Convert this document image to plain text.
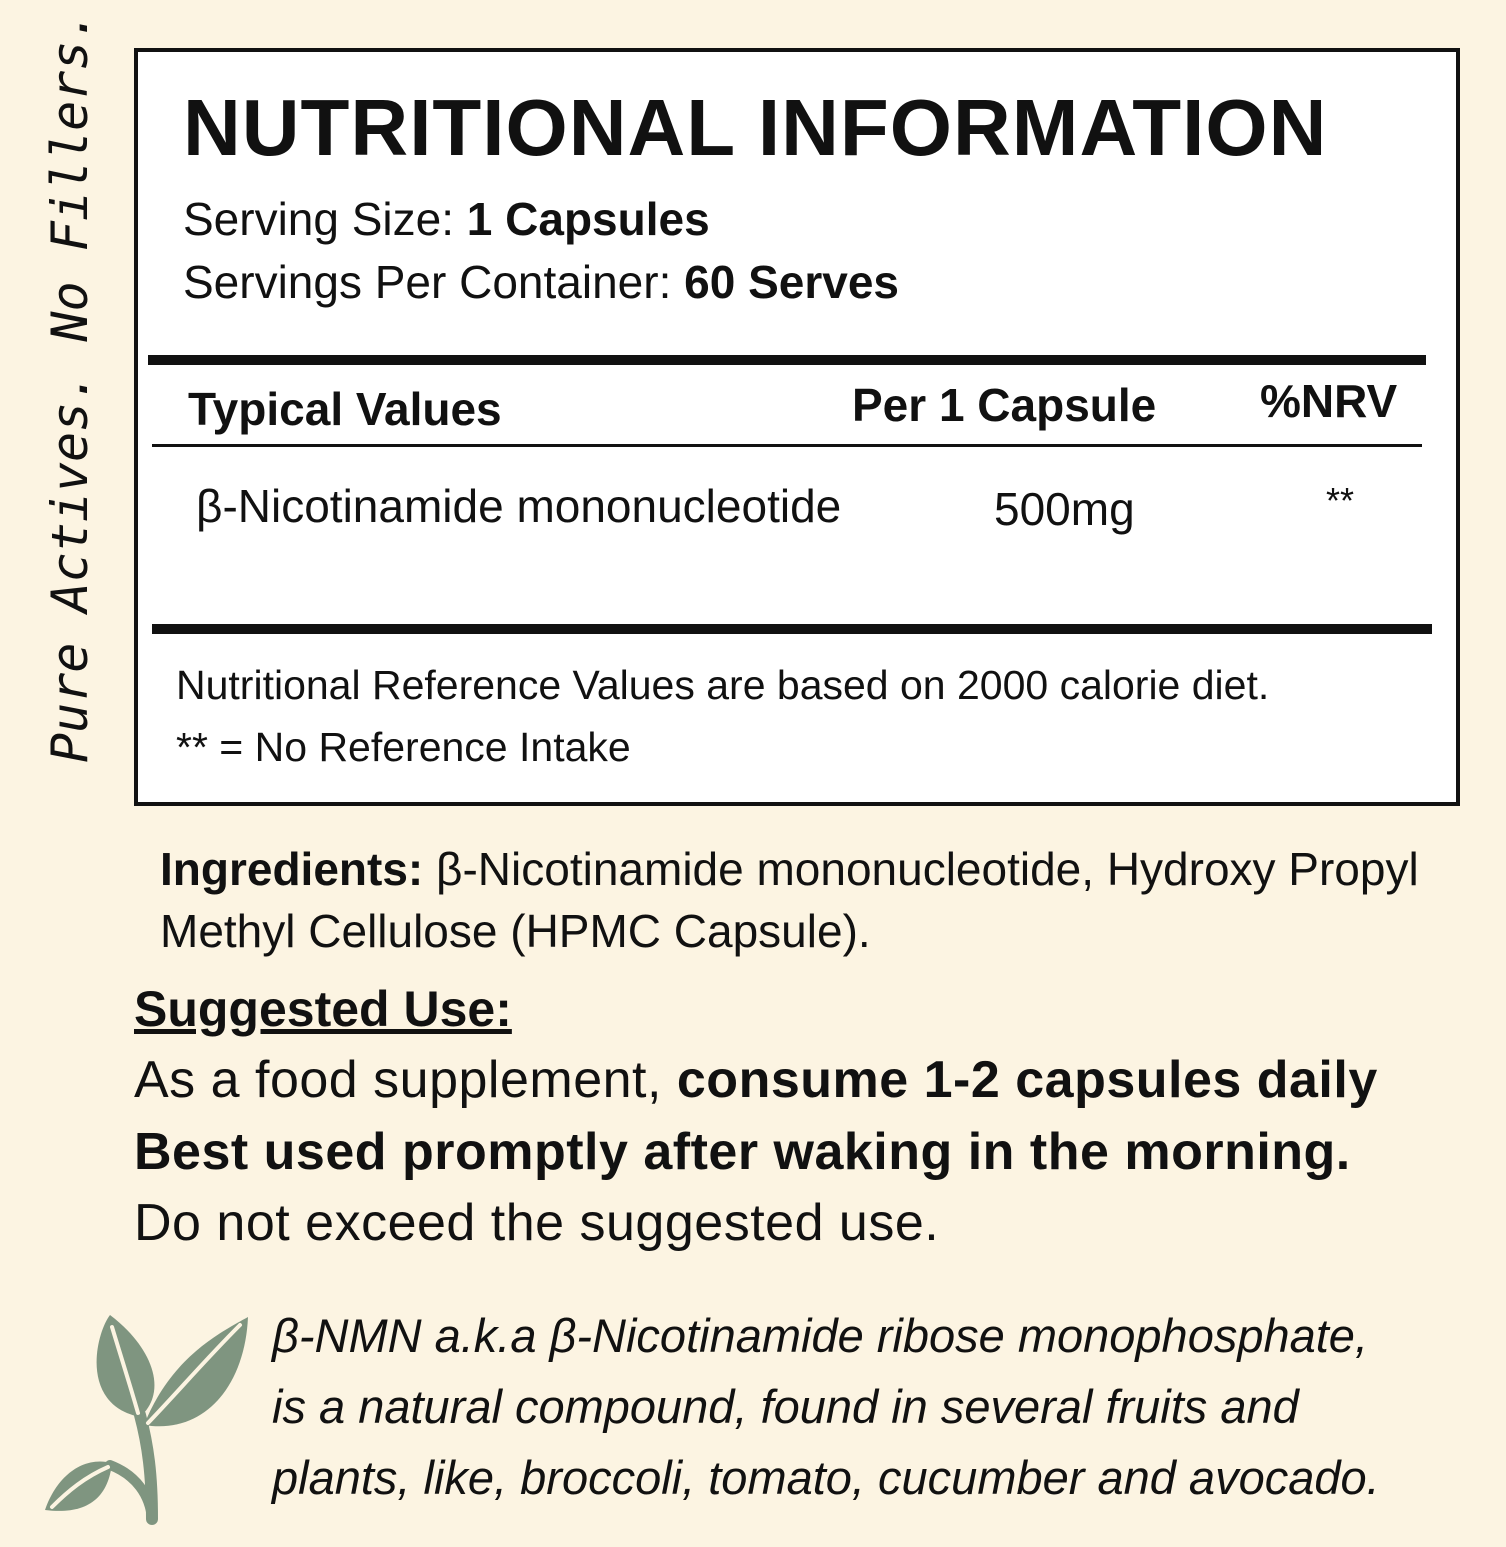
Pure Actives. No Fillers. NUTRITIONAL INFORMATION
Serving Size: 1 Capsules
Servings Per Container: 60 Serves
Typical Values	Per 1 Capsule %NRV
β-Nicotinamide mononucleotide	500mg	**
Nutritional Reference Values are based on 2000 calorie diet.
** = No Reference Intake
Ingredients: β-Nicotinamide mononucleotide, Hydroxy Propyl Methyl Cellulose (HPMC Capsule).
Suggested Use:
As a food supplement, consume 1-2 capsules daily
Best used promptly after waking in the morning.
Do not exceed the suggested use.
β-NMN a.k.a β-Nicotinamide ribose monophosphate,
is a natural compound, found in several fruits and
plants, like, broccoli, tomato, cucumber and avocado.
